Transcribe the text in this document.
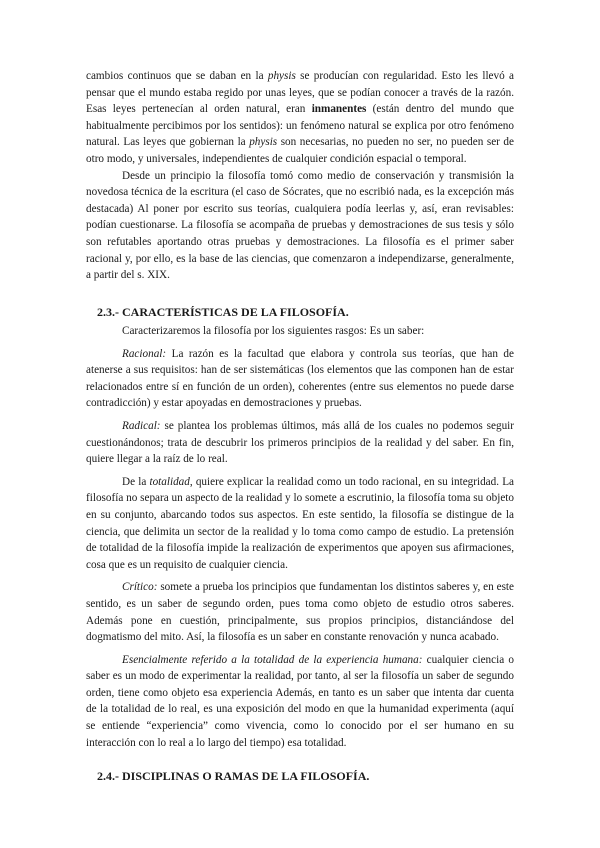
cambios continuos que se daban en la physis se producían con regularidad. Esto les llevó a pensar que el mundo estaba regido por unas leyes, que se podían conocer a través de la razón. Esas leyes pertenecían al orden natural, eran inmanentes (están dentro del mundo que habitualmente percibimos por los sentidos): un fenómeno natural se explica por otro fenómeno natural. Las leyes que gobiernan la physis son necesarias, no pueden no ser, no pueden ser de otro modo, y universales, independientes de cualquier condición espacial o temporal.

Desde un principio la filosofía tomó como medio de conservación y transmisión la novedosa técnica de la escritura (el caso de Sócrates, que no escribió nada, es la excepción más destacada) Al poner por escrito sus teorías, cualquiera podía leerlas y, así, eran revisables: podían cuestionarse. La filosofía se acompaña de pruebas y demostraciones de sus tesis y sólo son refutables aportando otras pruebas y demostraciones. La filosofía es el primer saber racional y, por ello, es la base de las ciencias, que comenzaron a independizarse, generalmente, a partir del s. XIX.

2.3.- CARACTERÍSTICAS DE LA FILOSOFÍA.

Caracterizaremos la filosofía por los siguientes rasgos: Es un saber:

Racional: La razón es la facultad que elabora y controla sus teorías, que han de atenerse a sus requisitos: han de ser sistemáticas (los elementos que las componen han de estar relacionados entre sí en función de un orden), coherentes (entre sus elementos no puede darse contradicción) y estar apoyadas en demostraciones y pruebas.

Radical: se plantea los problemas últimos, más allá de los cuales no podemos seguir cuestionándonos; trata de descubrir los primeros principios de la realidad y del saber. En fin, quiere llegar a la raíz de lo real.

De la totalidad, quiere explicar la realidad como un todo racional, en su integridad. La filosofía no separa un aspecto de la realidad y lo somete a escrutinio, la filosofía toma su objeto en su conjunto, abarcando todos sus aspectos. En este sentido, la filosofía se distingue de la ciencia, que delimita un sector de la realidad y lo toma como campo de estudio. La pretensión de totalidad de la filosofía impide la realización de experimentos que apoyen sus afirmaciones, cosa que es un requisito de cualquier ciencia.

Crítico: somete a prueba los principios que fundamentan los distintos saberes y, en este sentido, es un saber de segundo orden, pues toma como objeto de estudio otros saberes. Además pone en cuestión, principalmente, sus propios principios, distanciándose del dogmatismo del mito. Así, la filosofía es un saber en constante renovación y nunca acabado.

Esencialmente referido a la totalidad de la experiencia humana: cualquier ciencia o saber es un modo de experimentar la realidad, por tanto, al ser la filosofía un saber de segundo orden, tiene como objeto esa experiencia Además, en tanto es un saber que intenta dar cuenta de la totalidad de lo real, es una exposición del modo en que la humanidad experimenta (aquí se entiende “experiencia” como vivencia, como lo conocido por el ser humano en su interacción con lo real a lo largo del tiempo) esa totalidad.

2.4.- DISCIPLINAS O RAMAS DE LA FILOSOFÍA.
